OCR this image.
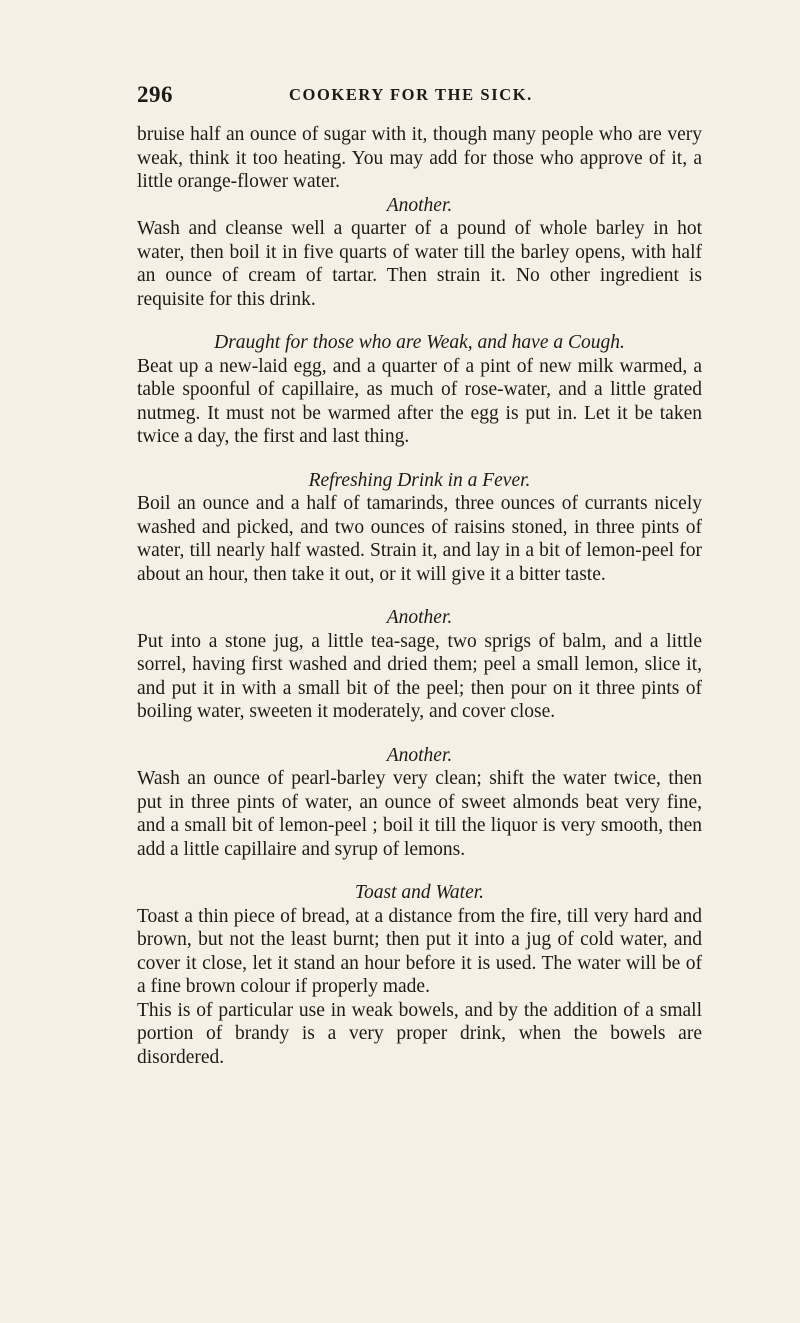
296	COOKERY FOR THE SICK.

bruise half an ounce of sugar with it, though many people who are very weak, think it too heating. You may add for those who approve of it, a little orange-flower water.

Another.

Wash and cleanse well a quarter of a pound of whole barley in hot water, then boil it in five quarts of water till the barley opens, with half an ounce of cream of tartar. Then strain it. No other ingredient is requisite for this drink.

Draught for those who are Weak, and have a Cough.

Beat up a new-laid egg, and a quarter of a pint of new milk warmed, a table spoonful of capillaire, as much of rose-water, and a little grated nutmeg. It must not be warmed after the egg is put in. Let it be taken twice a day, the first and last thing.

Refreshing Drink in a Fever.

Boil an ounce and a half of tamarinds, three ounces of currants nicely washed and picked, and two ounces of raisins stoned, in three pints of water, till nearly half wasted. Strain it, and lay in a bit of lemon-peel for about an hour, then take it out, or it will give it a bitter taste.

Another.

Put into a stone jug, a little tea-sage, two sprigs of balm, and a little sorrel, having first washed and dried them; peel a small lemon, slice it, and put it in with a small bit of the peel; then pour on it three pints of boiling water, sweeten it moderately, and cover close.

Another.

Wash an ounce of pearl-barley very clean; shift the water twice, then put in three pints of water, an ounce of sweet almonds beat very fine, and a small bit of lemon-peel ; boil it till the liquor is very smooth, then add a little capillaire and syrup of lemons.

Toast and Water.

Toast a thin piece of bread, at a distance from the fire, till very hard and brown, but not the least burnt; then put it into a jug of cold water, and cover it close, let it stand an hour before it is used. The water will be of a fine brown colour if properly made.

This is of particular use in weak bowels, and by the addition of a small portion of brandy is a very proper drink, when the bowels are disordered.
